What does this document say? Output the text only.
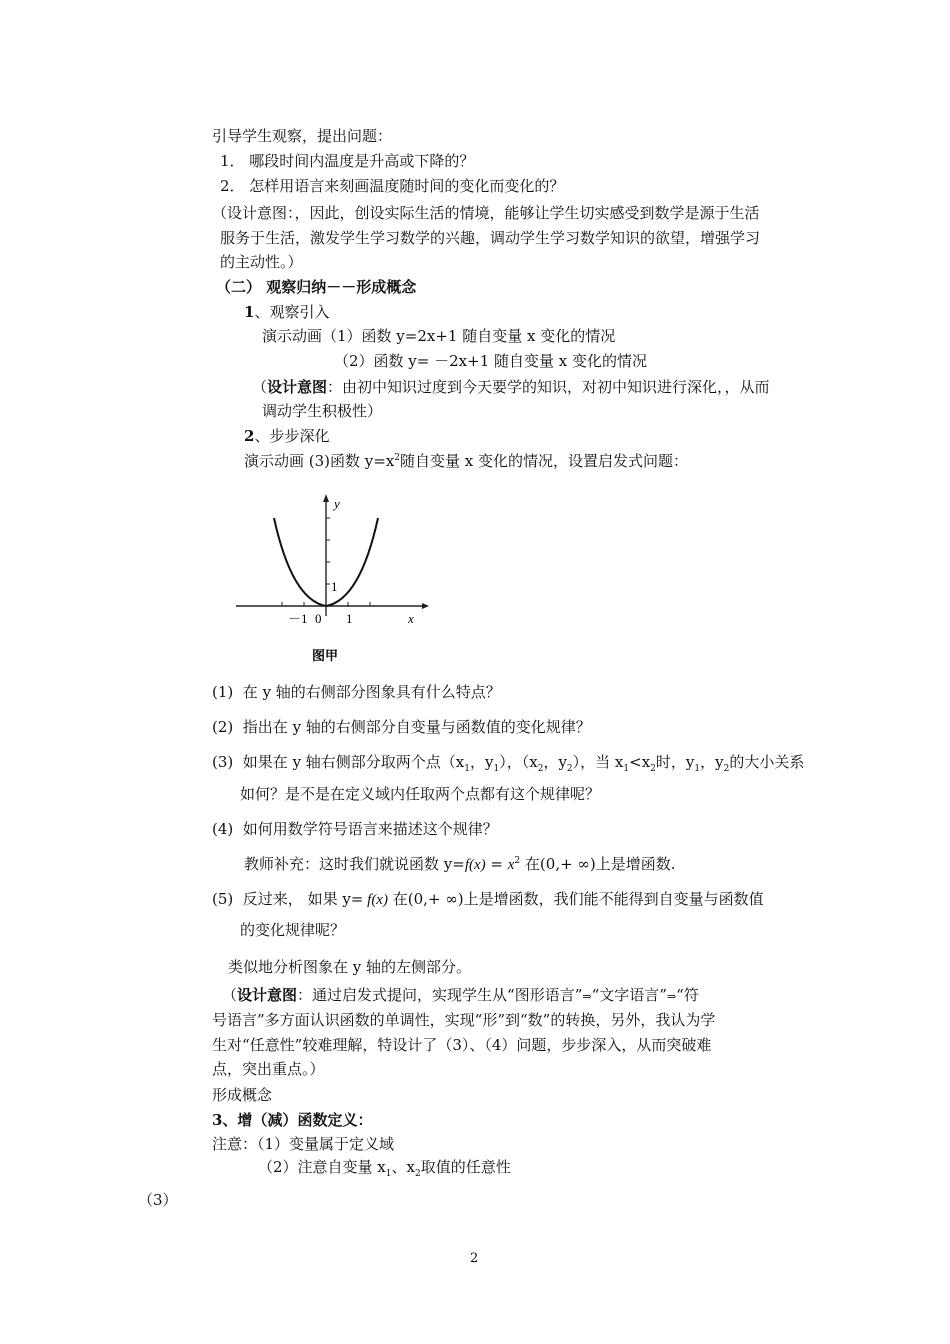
引导学生观察，提出问题：
1． 哪段时间内温度是升高或下降的？
2． 怎样用语言来刻画温度随时间的变化而变化的？
（设计意图：，因此，创设实际生活的情境，能够让学生切实感受到数学是源于生活
服务于生活，激发学生学习数学的兴趣，调动学生学习数学知识的欲望，增强学习
的主动性。）
（二） 观察归纳－－形成概念
1、观察引入
演示动画（1）函数 y=2x+1 随自变量 x 变化的情况
（2）函数 y= －2x+1 随自变量 x 变化的情况
（设计意图：由初中知识过度到今天要学的知识，对初中知识进行深化，，从而
调动学生积极性）
2、步步深化
演示动画 (3)函数 $y=x^2$随自变量 x 变化的情况，设置启发式问题：
y
x
1
－1 0 1
图甲
(1) 在 y 轴的右侧部分图象具有什么特点？
(2) 指出在 y 轴的右侧部分自变量与函数值的变化规律？
(3) 如果在 y 轴右侧部分取两个点（$x_1$，$y_1$），（$x_2$，$y_2$），当 $x_1<x_2$时，$y_1$，$y_2$的大小关系
如何？是不是在定义域内任取两个点都有这个规律呢？
(4) 如何用数学符号语言来描述这个规律？
教师补充：这时我们就说函数 $y=f(x) = x^2$ 在(0,+ ∞)上是增函数.
(5) 反过来， 如果 y= f(x) 在(0,+ ∞)上是增函数，我们能不能得到自变量与函数值
的变化规律呢？
类似地分析图象在 y 轴的左侧部分。
（设计意图：通过启发式提问，实现学生从“图形语言”⇒“文字语言”⇒“符
号语言”多方面认识函数的单调性，实现“形”到“数”的转换，另外，我认为学
生对“任意性”较难理解，特设计了（3）、（4）问题，步步深入，从而突破难
点，突出重点。）
形成概念
3、增（减）函数定义：
注意：（1）变量属于定义域
（2）注意自变量 $x_1$、$x_2$取值的任意性
（3）
2
